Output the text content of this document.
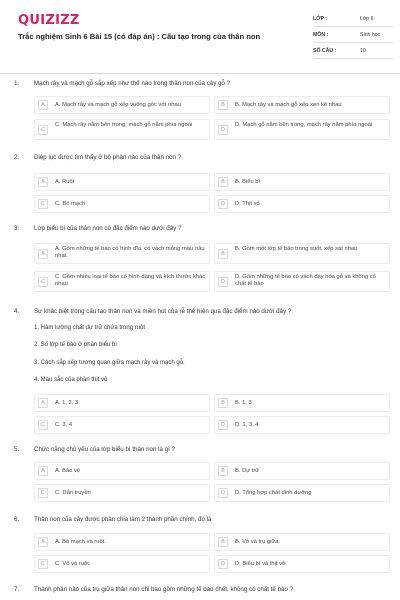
QUIZIZZ
Trắc nghiệm Sinh 6 Bài 15 (có đáp án) : Cấu tạo trong của thân non
LỚP :	Lớp 6
MÔN :	Sinh học
SỐ CÂU :	10
1. Mạch rây và mạch gỗ sắp xếp như thế nào trong thân non của cây gỗ ?
A	A. Mạch rây và mạch gỗ xếp vuông góc với nhau	B	B. Mạch rây và mạch gỗ xếp xen kẽ nhau
C
C. Mạch rây nằm bên trong, mạch gỗ nằm phía ngoài
D
D. Mạch gỗ nằm bên trong, mạch rây nằm phía ngoài
2. Diệp lục được tìm thấy ở bộ phận nào của thân non ?
A	A. Ruột	B	B. Biểu bì
C	C. Bó mạch	D	D. Thịt vỏ
3. Lớp biểu bì của thân non có đặc điểm nào dưới đây ?
A
A. Gồm những tế bào có hình đĩa, có vách mỏng màu nâu nhạt.	B
B. Gồm một lớp tế bào trong suốt, xếp sát nhau
C
C. Gồm nhiều loại tế bào có hình dạng và kích thước khác nhau	D
D. Gồm những tế bào có vách dày hóa gỗ và không có chất tế bào
4. Sự khác biệt trong cấu tạo thân non và miền hút của rễ thể hiện qua đặc điểm nào dưới đây ?
1. Hàm lượng chất dự trữ chứa trong ruột
2. Số lớp tế bào ở phần biểu bì
3. Cách sắp xếp tương quan giữa mạch rây và mạch gỗ.
4. Màu sắc của phần thịt vỏ
A	A. 1, 2, 3	B	B. 1, 3
C	C. 3, 4	D	D. 1, 3, 4
5. Chức năng chủ yếu của lớp biểu bì thân non là gì ?
A	A. Bảo vệ	B	B. Dự trữ
C	C. Dẫn truyền	D	D. Tổng hợp chất dinh dưỡng
6. Thân non của cây được phân chia làm 2 thành phần chính, đó là
A	A. Bó mạch và ruột.	B	B. Vỏ và trụ giữa.
C	C. Vỏ và ruột.	D	D. Biểu bì và thịt vỏ.
7. Thành phần nào của trụ giữa thân non chỉ bao gồm những tế bào chết, không có chất tế bào ?
